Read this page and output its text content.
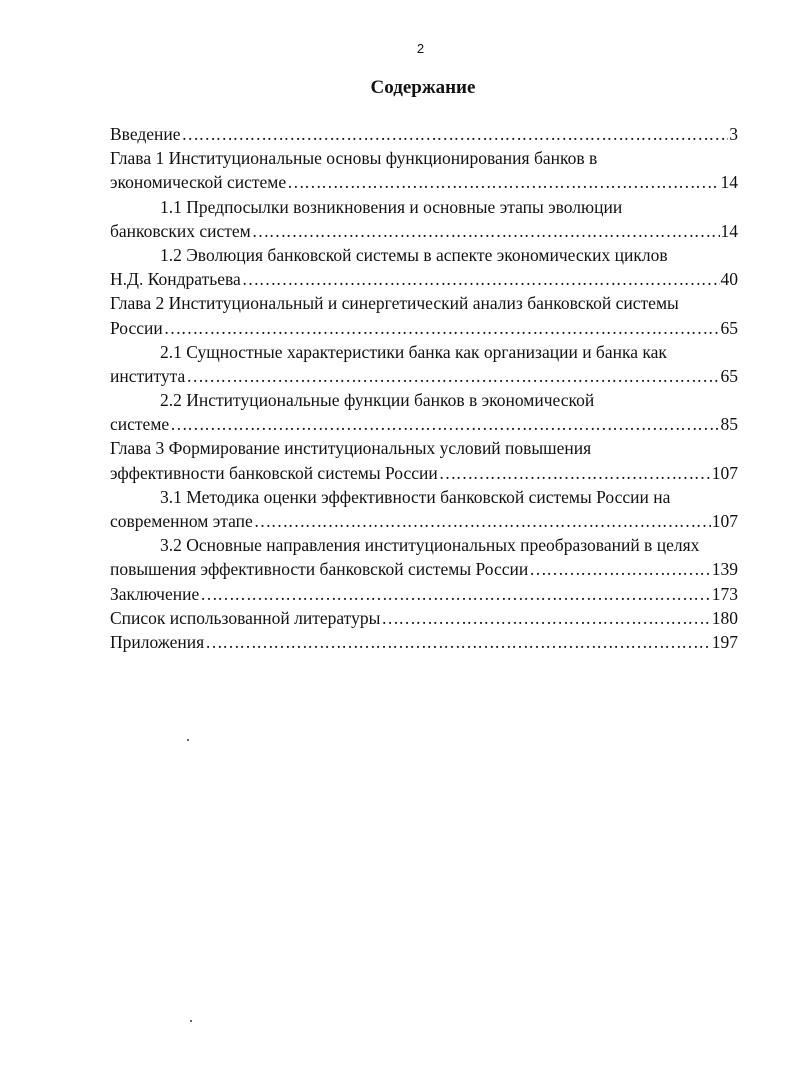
2
Содержание
Введение ……………………………………………………………………………………………………………………………………………………………………	3
Глава 1 Институциональные основы функционирования банков в
экономической системе ……………………………………………………………………………………………………………………………………………………………………	14
1.1 Предпосылки возникновения и основные этапы эволюции
банковских систем ……………………………………………………………………………………………………………………………………………………………………	14
1.2 Эволюция банковской системы в аспекте экономических циклов
Н.Д. Кондратьева ……………………………………………………………………………………………………………………………………………………………………	40
Глава 2 Институциональный и синергетический анализ банковской системы
России ……………………………………………………………………………………………………………………………………………………………………	65
2.1 Сущностные характеристики банка как организации и банка как
института ……………………………………………………………………………………………………………………………………………………………………	65
2.2 Институциональные функции банков в экономической
системе ……………………………………………………………………………………………………………………………………………………………………	85
Глава 3 Формирование институциональных условий повышения
эффективности банковской системы России ……………………………………………………………………………………………………………………………………………………………………	107
3.1 Методика оценки эффективности банковской системы России на
современном этапе ……………………………………………………………………………………………………………………………………………………………………	107
3.2 Основные направления институциональных преобразований в целях
повышения эффективности банковской системы России ……………………………………………………………………………………………………………………………………………………………………	139
Заключение ……………………………………………………………………………………………………………………………………………………………………	173
Список использованной литературы ……………………………………………………………………………………………………………………………………………………………………	180
Приложения ……………………………………………………………………………………………………………………………………………………………………	197
